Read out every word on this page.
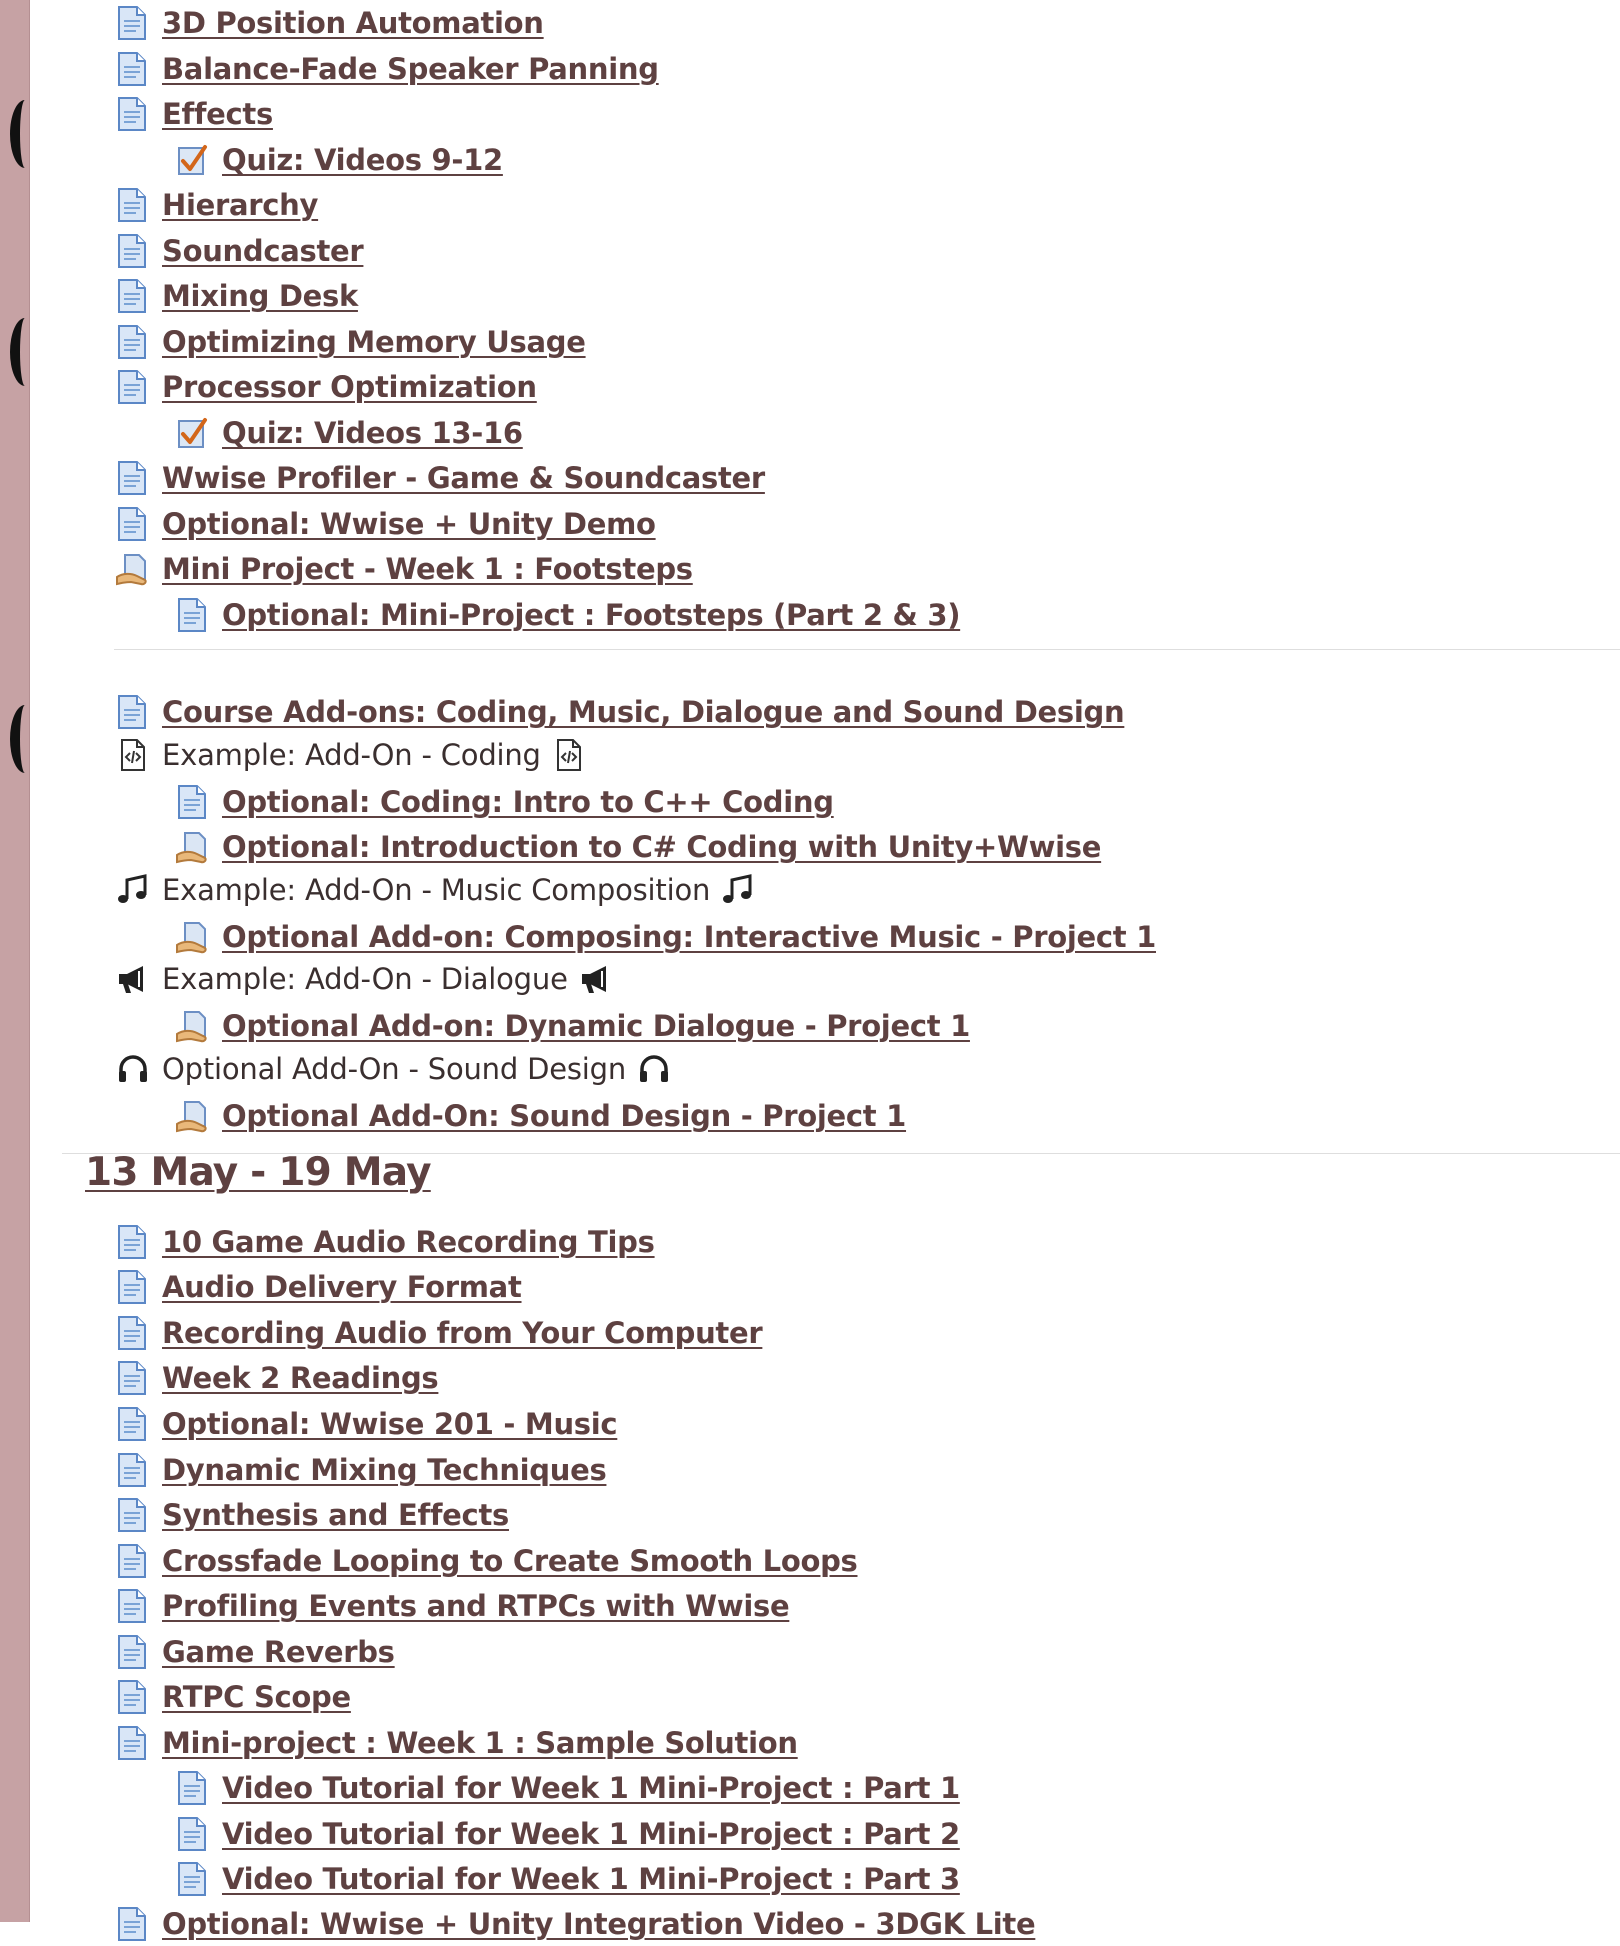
3D Position Automation
Balance-Fade Speaker Panning
Effects
Quiz: Videos 9-12
Hierarchy
Soundcaster
Mixing Desk
Optimizing Memory Usage
Processor Optimization
Quiz: Videos 13-16
Wwise Profiler - Game & Soundcaster
Optional: Wwise + Unity Demo
Mini Project - Week 1 : Footsteps
Optional: Mini-Project : Footsteps (Part 2 & 3)
Course Add-ons: Coding, Music, Dialogue and Sound Design
Example: Add-On - Coding
Optional: Coding: Intro to C++ Coding
Optional: Introduction to C# Coding with Unity+Wwise
Example: Add-On - Music Composition
Optional Add-on: Composing: Interactive Music - Project 1
Example: Add-On - Dialogue
Optional Add-on: Dynamic Dialogue - Project 1
Optional Add-On - Sound Design
Optional Add-On: Sound Design - Project 1
13 May - 19 May
10 Game Audio Recording Tips
Audio Delivery Format
Recording Audio from Your Computer
Week 2 Readings
Optional: Wwise 201 - Music
Dynamic Mixing Techniques
Synthesis and Effects
Crossfade Looping to Create Smooth Loops
Profiling Events and RTPCs with Wwise
Game Reverbs
RTPC Scope
Mini-project : Week 1 : Sample Solution
Video Tutorial for Week 1 Mini-Project : Part 1
Video Tutorial for Week 1 Mini-Project : Part 2
Video Tutorial for Week 1 Mini-Project : Part 3
Optional: Wwise + Unity Integration Video - 3DGK Lite
